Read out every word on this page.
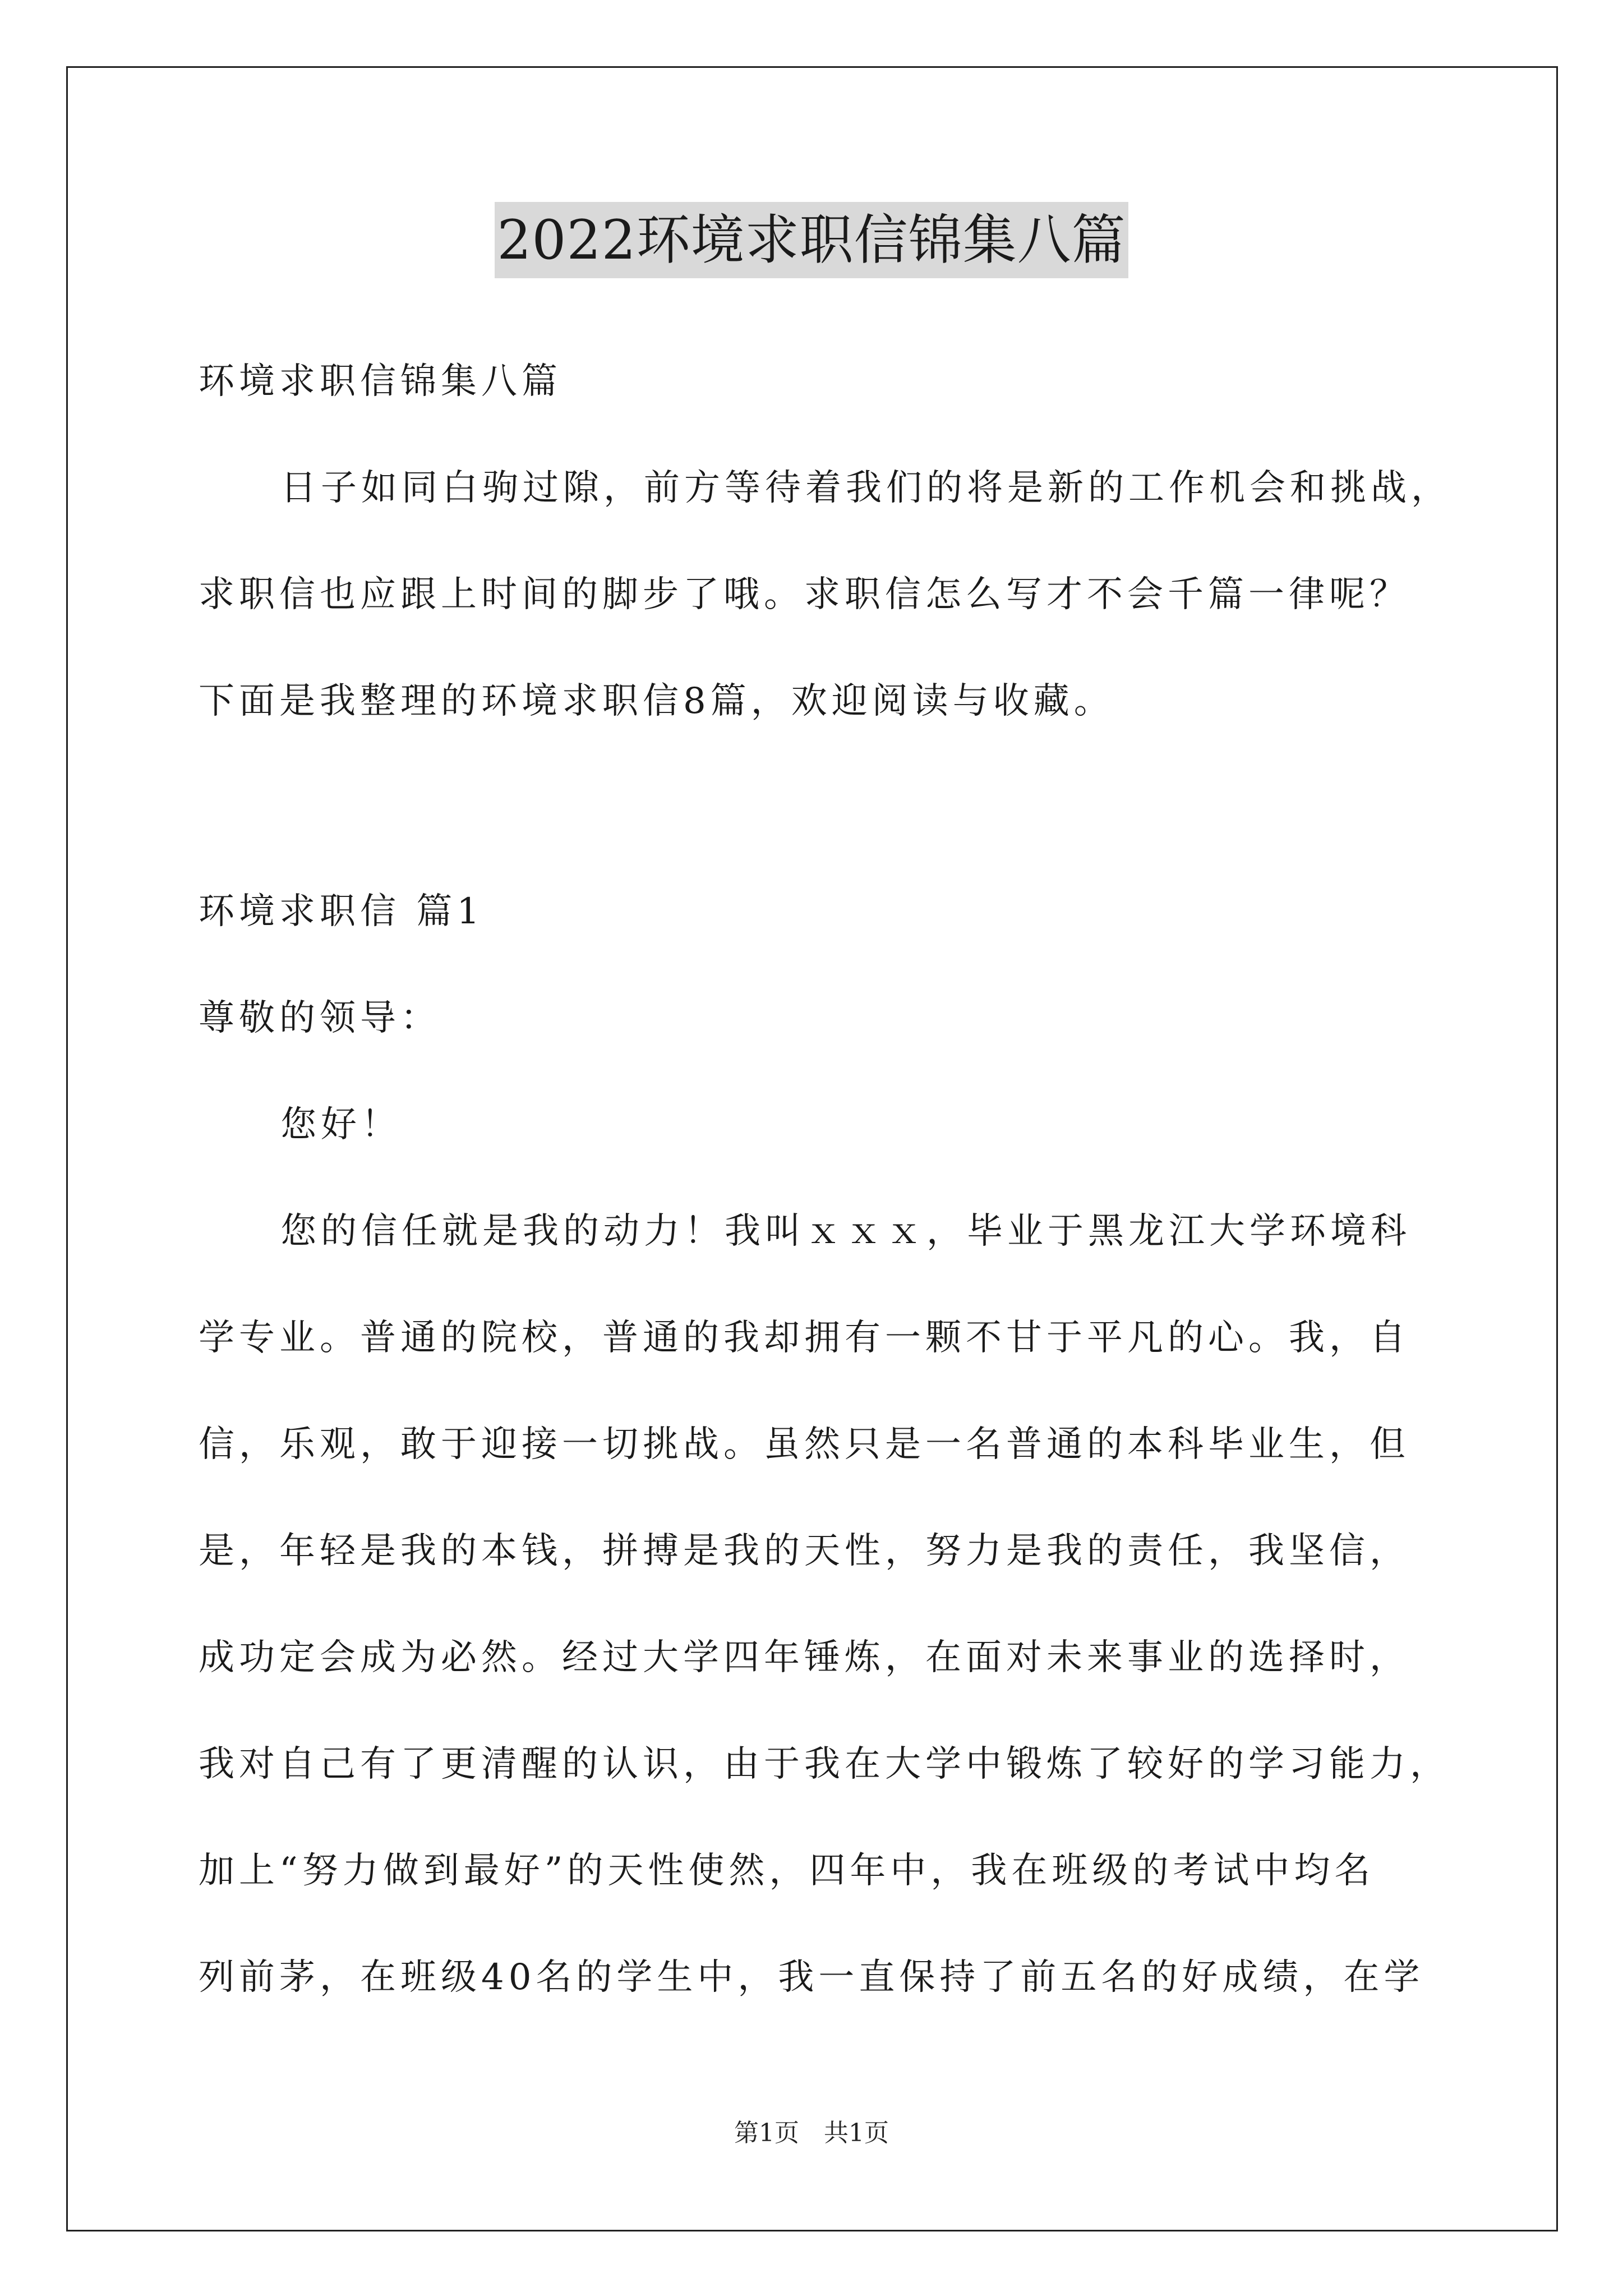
2022环境求职信锦集八篇
环境求职信锦集八篇
日子如同白驹过隙，前方等待着我们的将是新的工作机会和挑战，
求职信也应跟上时间的脚步了哦。求职信怎么写才不会千篇一律呢？
下面是我整理的环境求职信8篇，欢迎阅读与收藏。
环境求职信 篇1
尊敬的领导：
您好！
您的信任就是我的动力！我叫ｘｘｘ，毕业于黑龙江大学环境科
学专业。普通的院校，普通的我却拥有一颗不甘于平凡的心。我，自
信，乐观，敢于迎接一切挑战。虽然只是一名普通的本科毕业生，但
是，年轻是我的本钱，拼搏是我的天性，努力是我的责任，我坚信，
成功定会成为必然。经过大学四年锤炼，在面对未来事业的选择时，
我对自己有了更清醒的认识，由于我在大学中锻炼了较好的学习能力，
加上“努力做到最好”的天性使然，四年中，我在班级的考试中均名
列前茅，在班级40名的学生中，我一直保持了前五名的好成绩，在学
第1页　共1页
